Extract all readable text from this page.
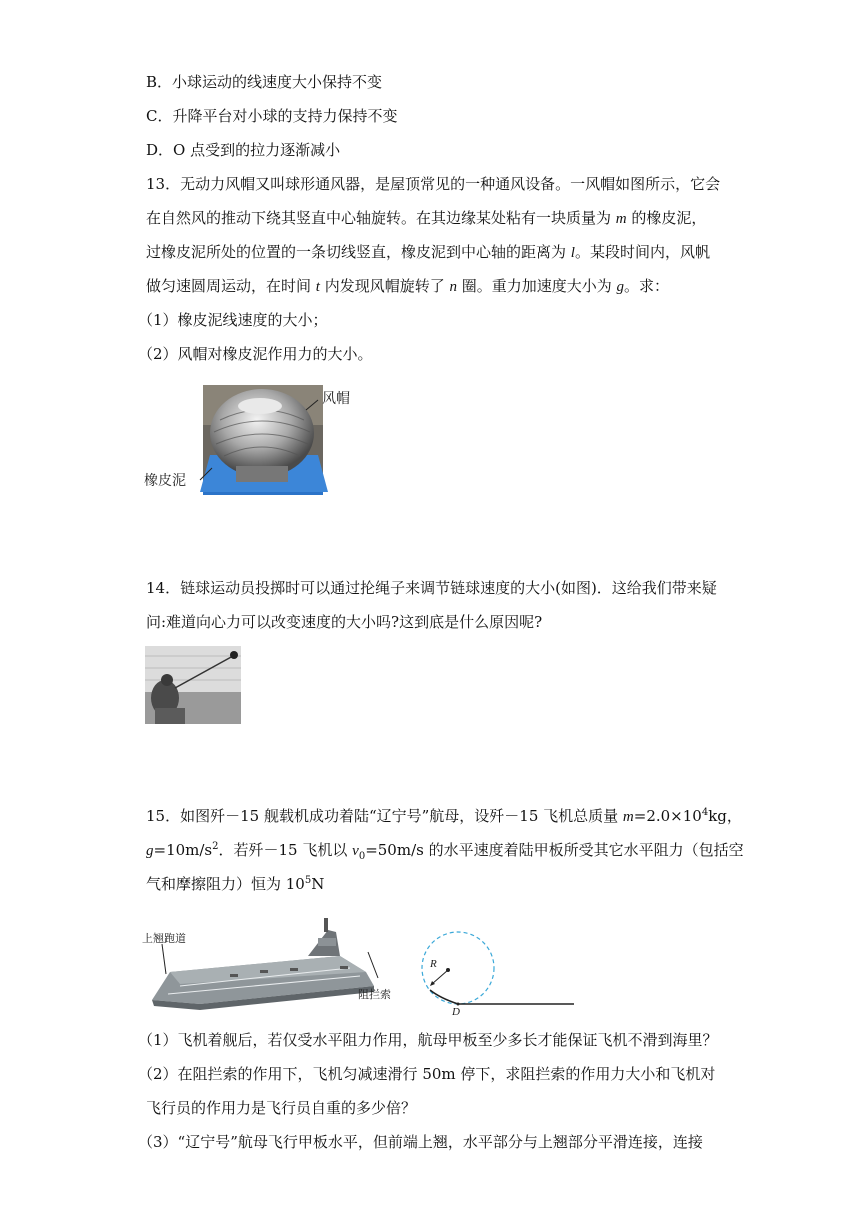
B．小球运动的线速度大小保持不变
C．升降平台对小球的支持力保持不变
D．O 点受到的拉力逐渐减小
13．无动力风帽又叫球形通风器，是屋顶常见的一种通风设备。一风帽如图所示，它会
在自然风的推动下绕其竖直中心轴旋转。在其边缘某处粘有一块质量为 m 的橡皮泥，
过橡皮泥所处的位置的一条切线竖直，橡皮泥到中心轴的距离为 l。某段时间内，风帆
做匀速圆周运动，在时间 t 内发现风帽旋转了 n 圈。重力加速度大小为 g。求：
（1）橡皮泥线速度的大小；
（2）风帽对橡皮泥作用力的大小。
风帽
橡皮泥
14．链球运动员投掷时可以通过抡绳子来调节链球速度的大小(如图)．这给我们带来疑
问:难道向心力可以改变速度的大小吗?这到底是什么原因呢?
15．如图歼－15 舰载机成功着陆“辽宁号”航母，设歼－15 飞机总质量 $m=2.0\times 10^4kg$，
$g=10m/s^2$．若歼－15 飞机以 $v_0=50m/s$ 的水平速度着陆甲板所受其它水平阻力（包括空
气和摩擦阻力）恒为 $10^5N$
上翘跑道
阻拦索
R
D
（1）飞机着舰后，若仅受水平阻力作用，航母甲板至少多长才能保证飞机不滑到海里？
（2）在阻拦索的作用下，飞机匀减速滑行 50m 停下，求阻拦索的作用力大小和飞机对
飞行员的作用力是飞行员自重的多少倍？
（3）“辽宁号”航母飞行甲板水平，但前端上翘，水平部分与上翘部分平滑连接，连接
